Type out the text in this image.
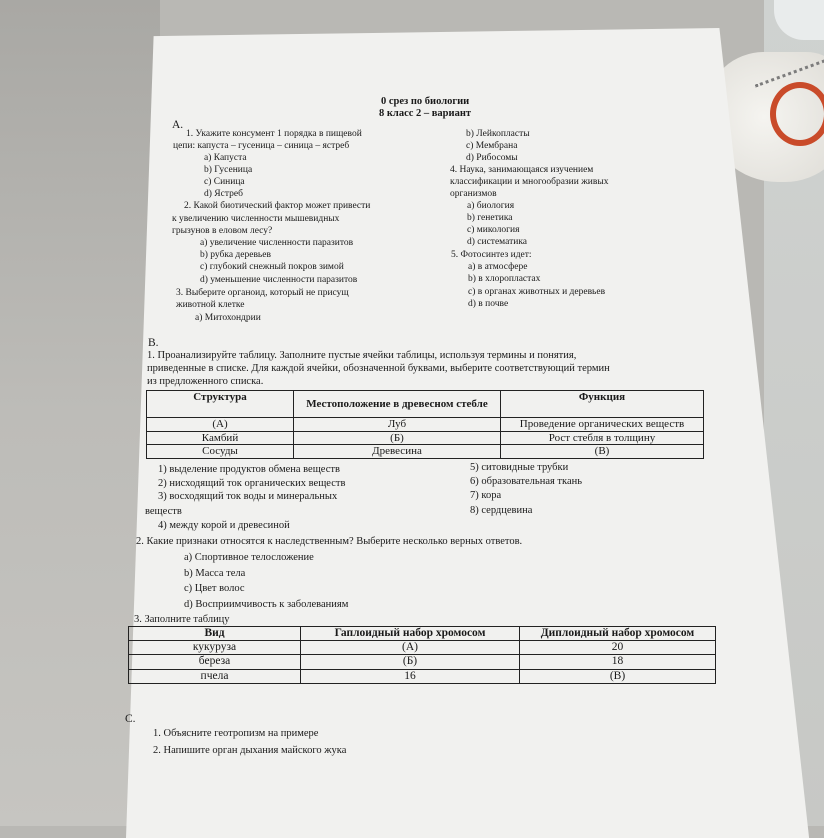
0 срез по биологии
8 класс 2 – вариант
А.
1. Укажите консумент 1 порядка в пищевой
цепи: капуста – гусеница – синица – ястреб
а) Капуста
b) Гусеница
c) Синица
d) Ястреб
2. Какой биотический фактор может привести
к увеличению численности мышевидных
грызунов в еловом лесу?
а) увеличение численности паразитов
b) рубка деревьев
c) глубокий снежный покров зимой
d) уменьшение численности паразитов
3. Выберите органоид, который не присущ
животной клетке
а) Митохондрии
b) Лейкопласты
c) Мембрана
d) Рибосомы
4. Наука, занимающаяся изучением
классификации и многообразии живых
организмов
а) биология
b) генетика
c) микология
d) систематика
5. Фотосинтез идет:
а) в атмосфере
b) в хлоропластах
c) в органах животных и деревьев
d) в почве
В.
1. Проанализируйте таблицу. Заполните пустые ячейки таблицы, используя термины и понятия,
приведенные в списке. Для каждой ячейки, обозначенной буквами, выберите соответствующий термин
из предложенного списка.
Структура	Местоположение в древесном стебле	Функция
(А)	Луб	Проведение органических веществ
Камбий	(Б)	Рост стебля в толщину
Сосуды	Древесина	(В)
1) выделение продуктов обмена веществ
2) нисходящий ток органических веществ
3) восходящий ток воды и минеральных
веществ
4) между корой и древесиной
5) ситовидные трубки
6) образовательная ткань
7) кора
8) сердцевина
2. Какие признаки относятся к наследственным? Выберите несколько верных ответов.
а) Спортивное телосложение
b) Масса тела
c) Цвет волос
d) Восприимчивость к заболеваниям
3. Заполните таблицу
Вид	Гаплоидный набор хромосом	Диплоидный набор хромосом
кукуруза	(А)	20
береза	(Б)	18
пчела	16	(В)
С.
1. Объясните геотропизм на примере
2. Напишите орган дыхания майского жука
